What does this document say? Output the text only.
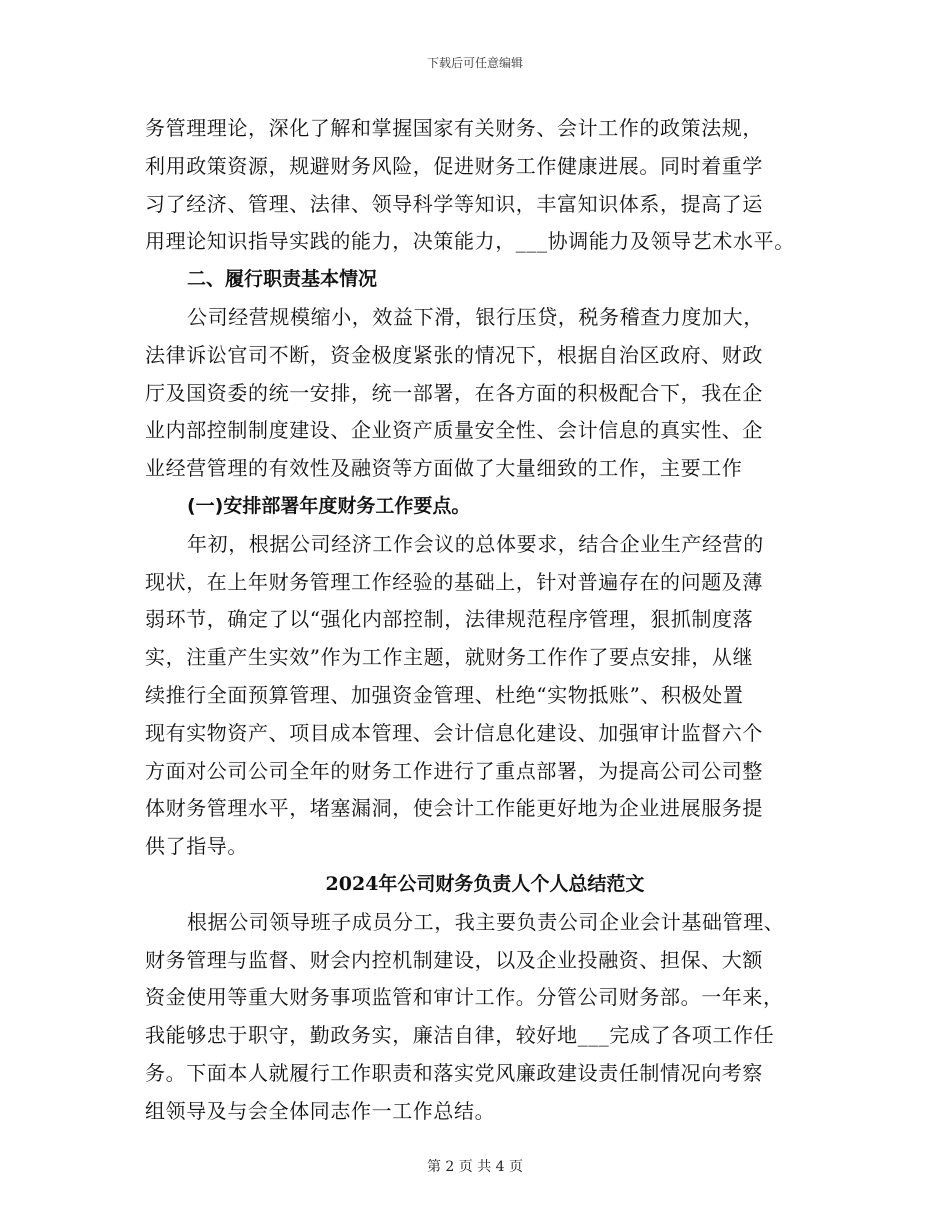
下载后可任意编辑
务管理理论，深化了解和掌握国家有关财务、会计工作的政策法规，
利用政策资源，规避财务风险，促进财务工作健康进展。同时着重学
习了经济、管理、法律、领导科学等知识，丰富知识体系，提高了运
用理论知识指导实践的能力，决策能力，___协调能力及领导艺术水平。
二、履行职责基本情况
公司经营规模缩小，效益下滑，银行压贷，税务稽查力度加大，
法律诉讼官司不断，资金极度紧张的情况下，根据自治区政府、财政
厅及国资委的统一安排，统一部署，在各方面的积极配合下，我在企
业内部控制制度建设、企业资产质量安全性、会计信息的真实性、企
业经营管理的有效性及融资等方面做了大量细致的工作，主要工作
(一)安排部署年度财务工作要点。
年初，根据公司经济工作会议的总体要求，结合企业生产经营的
现状，在上年财务管理工作经验的基础上，针对普遍存在的问题及薄
弱环节，确定了以“强化内部控制，法律规范程序管理，狠抓制度落
实，注重产生实效”作为工作主题，就财务工作作了要点安排，从继
续推行全面预算管理、加强资金管理、杜绝“实物抵账”、积极处置
现有实物资产、项目成本管理、会计信息化建设、加强审计监督六个
方面对公司公司全年的财务工作进行了重点部署，为提高公司公司整
体财务管理水平，堵塞漏洞，使会计工作能更好地为企业进展服务提
供了指导。
2024年公司财务负责人个人总结范文
根据公司领导班子成员分工，我主要负责公司企业会计基础管理、
财务管理与监督、财会内控机制建设，以及企业投融资、担保、大额
资金使用等重大财务事项监管和审计工作。分管公司财务部。一年来，
我能够忠于职守，勤政务实，廉洁自律，较好地___完成了各项工作任
务。下面本人就履行工作职责和落实党风廉政建设责任制情况向考察
组领导及与会全体同志作一工作总结。
第 2 页 共 4 页
